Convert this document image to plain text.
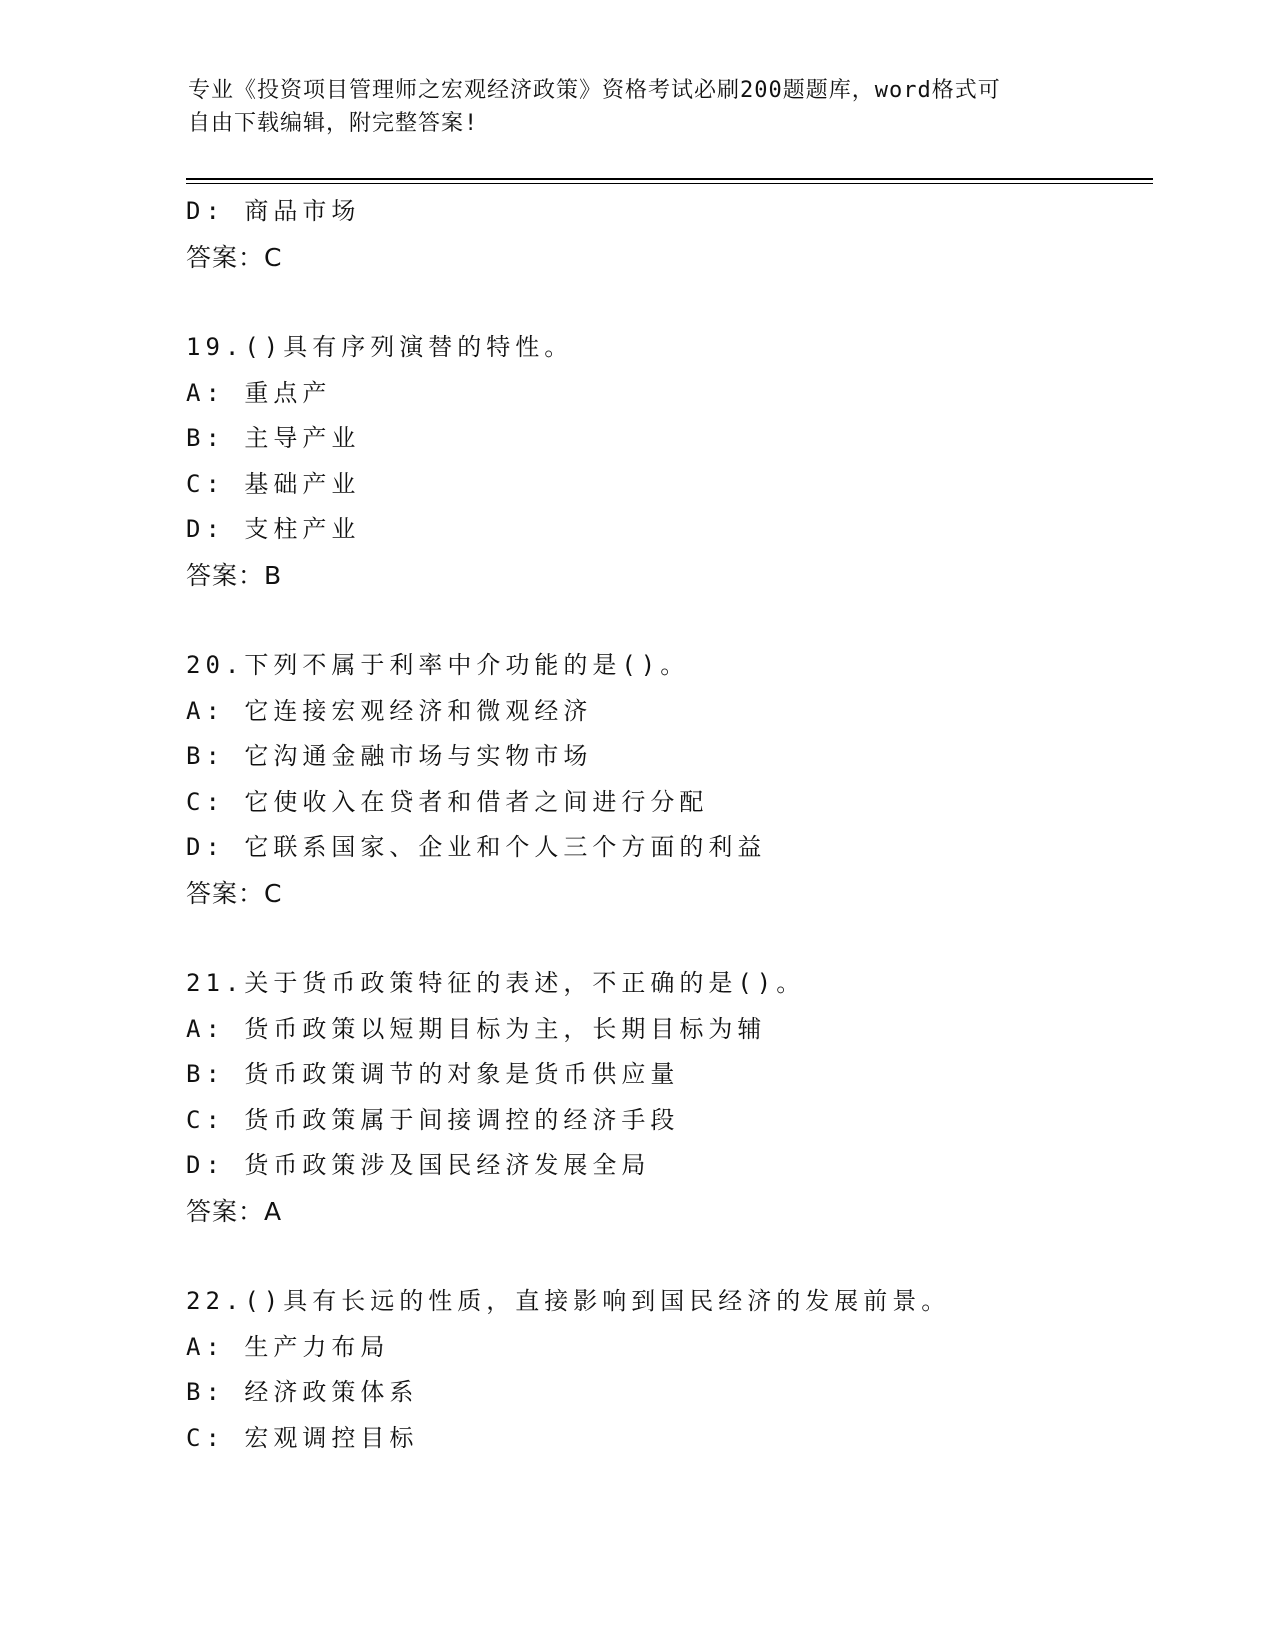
专业《投资项目管理师之宏观经济政策》资格考试必刷200题题库，word格式可
自由下载编辑，附完整答案!
D: 商品市场
答案：C
19.()具有序列演替的特性。
A: 重点产
B: 主导产业
C: 基础产业
D: 支柱产业
答案：B
20.下列不属于利率中介功能的是()。
A: 它连接宏观经济和微观经济
B: 它沟通金融市场与实物市场
C: 它使收入在贷者和借者之间进行分配
D: 它联系国家、企业和个人三个方面的利益
答案：C
21.关于货币政策特征的表述，不正确的是()。
A: 货币政策以短期目标为主，长期目标为辅
B: 货币政策调节的对象是货币供应量
C: 货币政策属于间接调控的经济手段
D: 货币政策涉及国民经济发展全局
答案：A
22.()具有长远的性质，直接影响到国民经济的发展前景。
A: 生产力布局
B: 经济政策体系
C: 宏观调控目标
